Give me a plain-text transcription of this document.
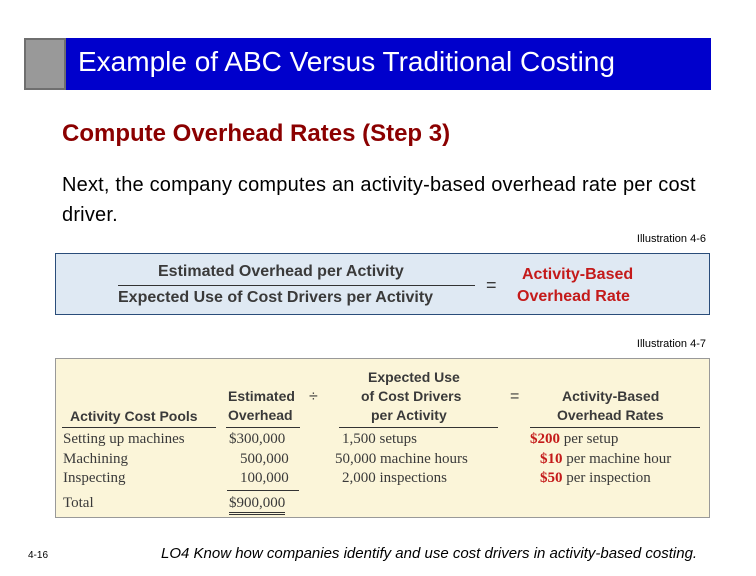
Example of ABC Versus Traditional Costing
Compute Overhead Rates (Step 3)
Next, the company computes an activity-based overhead rate per cost driver.
Illustration 4-6
Estimated Overhead per Activity
Expected Use of Cost Drivers per Activity
=
Activity-Based
Overhead Rate
Illustration 4-7
Activity Cost Pools
Estimated
Overhead
÷
Expected Use
of Cost Drivers
per Activity
=	Activity-Based
Overhead Rates
Setting up machines	$300,000	1,500 setups	$200 per setup
Machining	500,000	50,000 machine hours	$10 per machine hour
Inspecting	100,000	2,000 inspections	$50 per inspection
Total	$900,000
4-16	LO4 Know how companies identify and use cost drivers in activity-based costing.
